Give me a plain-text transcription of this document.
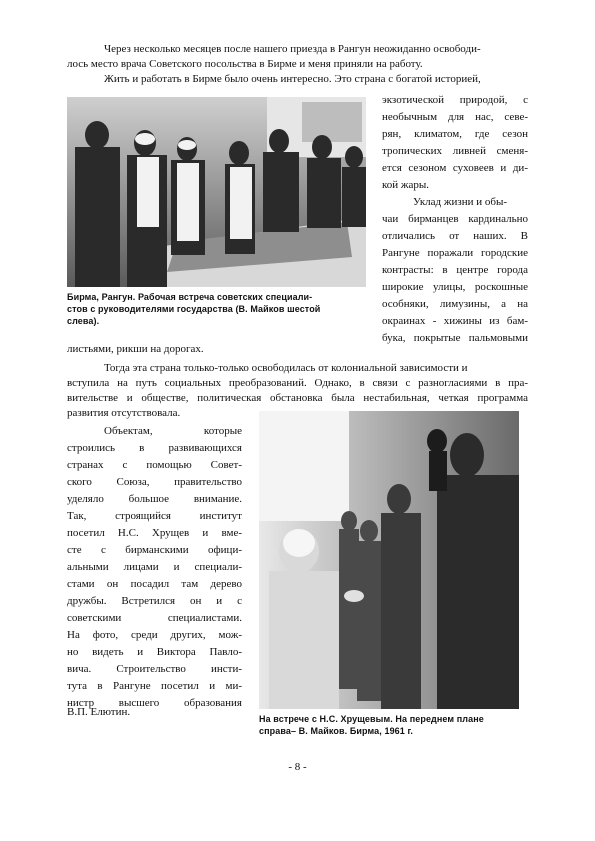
Через несколько месяцев после нашего приезда в Рангун неожиданно освободи-
лось место врача Советского посольства в Бирме и меня приняли на работу.
Жить и работать в Бирме было очень интересно. Это страна с богатой историей,
Бирма, Рангун. Рабочая встреча советских специали-
стов с руководителями государства (В. Майков шестой
слева).
экзотической природой, с
необычным для нас, севе-
рян, климатом, где сезон
тропических ливней сменя-
ется сезоном суховеев и ди-
кой жары.
Уклад жизни и обы-
чаи бирманцев кардинально
отличались от наших. В
Рангуне поражали городские
контрасты: в центре города
широкие улицы, роскошные
особняки, лимузины, а на
окраинах - хижины из бам-
бука, покрытые пальмовыми
листьями, рикши на дорогах.
Тогда эта страна только-только освободилась от колониальной зависимости и
вступила на путь социальных преобразований. Однако, в связи с разногласиями в пра-
вительстве и обществе, политическая обстановка была нестабильная, четкая программа
развития отсутствовала.
Объектам, которые
строились в развивающихся
странах с помощью Совет-
ского Союза, правительство
уделяло большое внимание.
Так, строящийся институт
посетил Н.С. Хрущев и вме-
сте с бирманскими офици-
альными лицами и специали-
стами он посадил там дерево
дружбы. Встретился он и с
советскими специалистами.
На фото, среди других, мож-
но видеть и Виктора Павло-
вича. Строительство инсти-
тута в Рангуне посетил и ми-
нистр высшего образования
В.П. Елютин.
На встрече с Н.С. Хрущевым. На переднем плане
справа– В. Майков. Бирма, 1961 г.
- 8 -
